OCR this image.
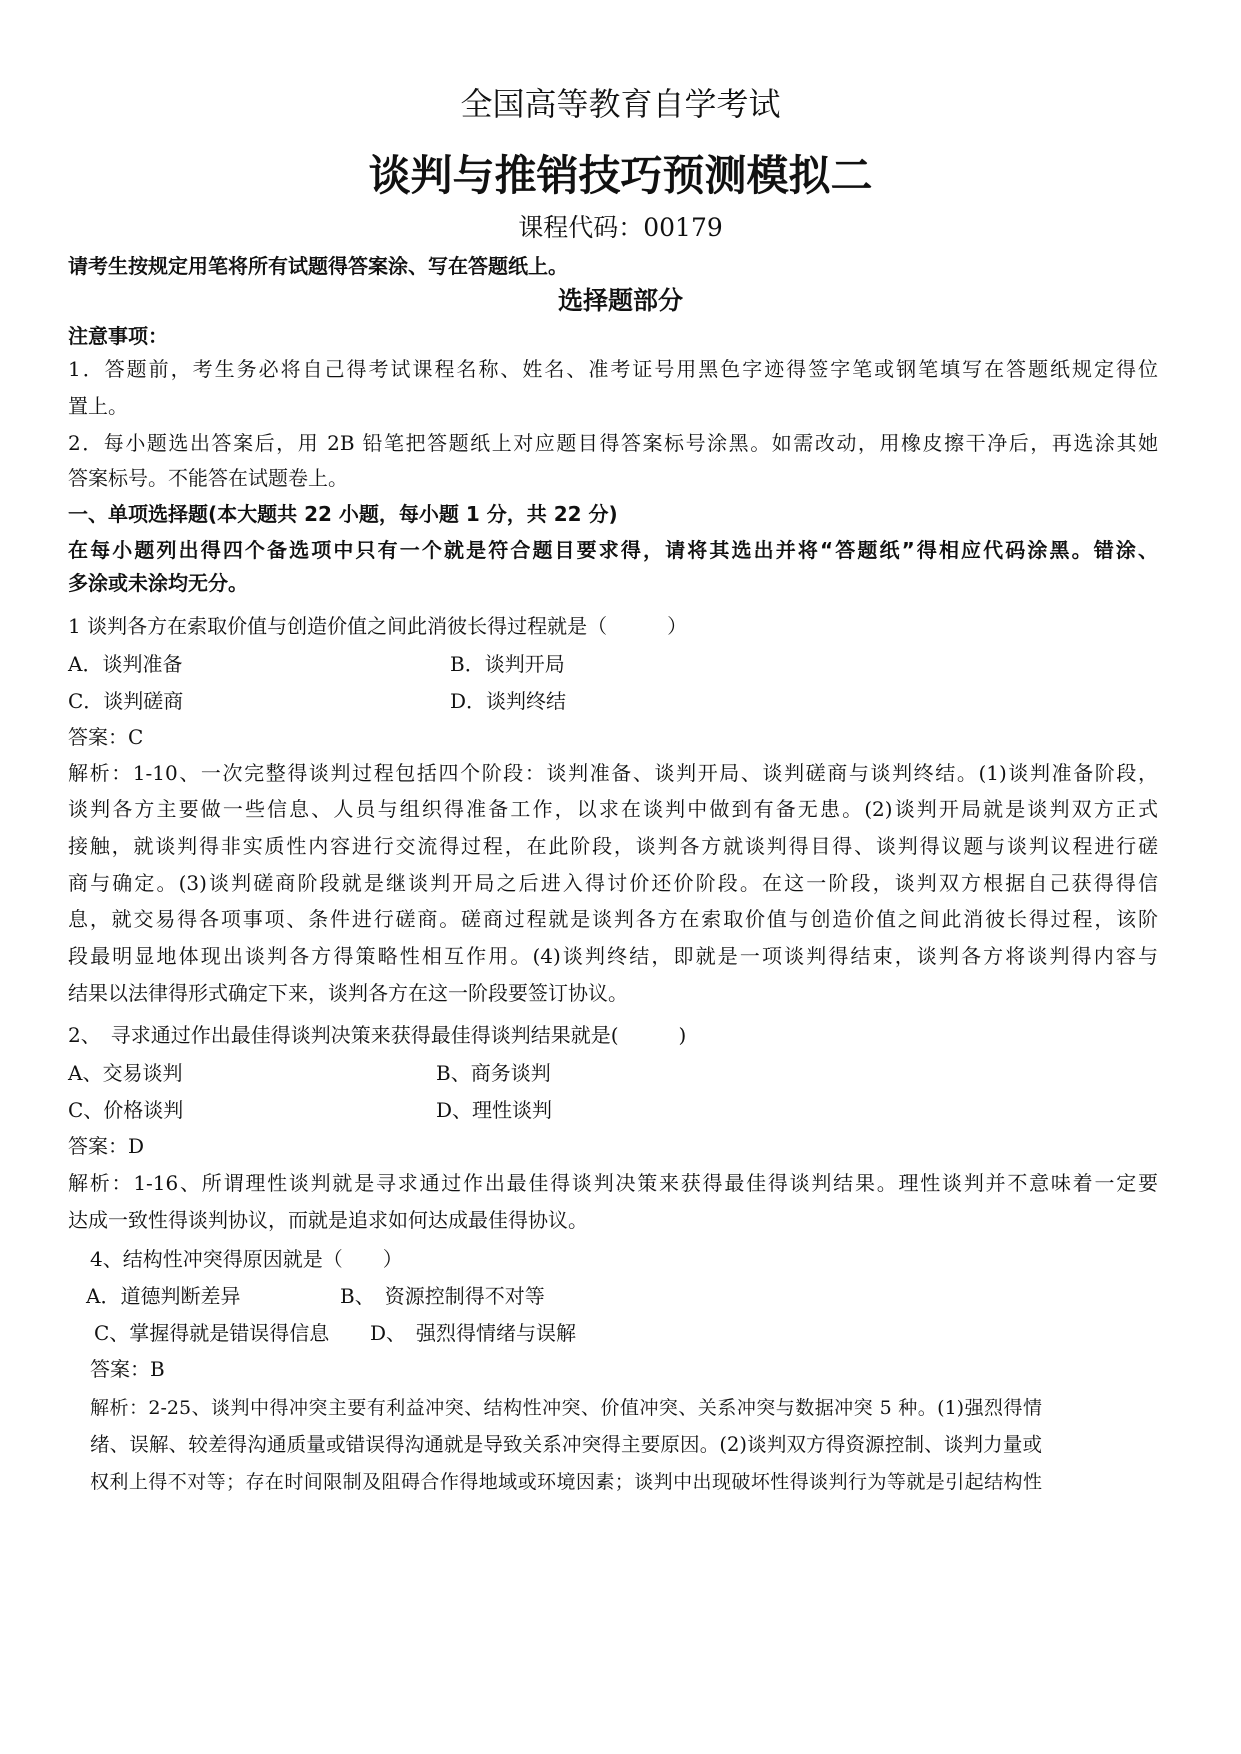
全国高等教育自学考试
谈判与推销技巧预测模拟二
课程代码：00179
请考生按规定用笔将所有试题得答案涂、写在答题纸上。
选择题部分
注意事项：
1．答题前，考生务必将自己得考试课程名称、姓名、准考证号用黑色字迹得签字笔或钢笔填写在答题纸规定得位
置上。
2．每小题选出答案后，用 2B 铅笔把答题纸上对应题目得答案标号涂黑。如需改动，用橡皮擦干净后，再选涂其她
答案标号。不能答在试题卷上。
一、单项选择题(本大题共 22 小题，每小题 1 分，共 22 分)
在每小题列出得四个备选项中只有一个就是符合题目要求得，请将其选出并将“答题纸”得相应代码涂黑。错涂、
多涂或未涂均无分。
1 谈判各方在索取价值与创造价值之间此消彼长得过程就是（　　　）
A．谈判准备	B．谈判开局
C．谈判磋商	D．谈判终结
答案：C
解析：1-10、一次完整得谈判过程包括四个阶段：谈判准备、谈判开局、谈判磋商与谈判终结。(1)谈判准备阶段，
谈判各方主要做一些信息、人员与组织得准备工作，以求在谈判中做到有备无患。(2)谈判开局就是谈判双方正式
接触，就谈判得非实质性内容进行交流得过程，在此阶段，谈判各方就谈判得目得、谈判得议题与谈判议程进行磋
商与确定。(3)谈判磋商阶段就是继谈判开局之后进入得讨价还价阶段。在这一阶段，谈判双方根据自己获得得信
息，就交易得各项事项、条件进行磋商。磋商过程就是谈判各方在索取价值与创造价值之间此消彼长得过程，该阶
段最明显地体现出谈判各方得策略性相互作用。(4)谈判终结，即就是一项谈判得结束，谈判各方将谈判得内容与
结果以法律得形式确定下来，谈判各方在这一阶段要签订协议。
2、　寻求通过作出最佳得谈判决策来获得最佳得谈判结果就是(　　　)
A、交易谈判	B、商务谈判
C、价格谈判	D、理性谈判
答案：D
解析：1-16、所谓理性谈判就是寻求通过作出最佳得谈判决策来获得最佳得谈判结果。理性谈判并不意味着一定要
达成一致性得谈判协议，而就是追求如何达成最佳得协议。
4、结构性冲突得原因就是（　　）
A．道德判断差异	B、　资源控制得不对等
C、掌握得就是错误得信息 D、　强烈得情绪与误解
答案：B
解析：2-25、谈判中得冲突主要有利益冲突、结构性冲突、价值冲突、关系冲突与数据冲突 5 种。(1)强烈得情
绪、误解、较差得沟通质量或错误得沟通就是导致关系冲突得主要原因。(2)谈判双方得资源控制、谈判力量或
权利上得不对等；存在时间限制及阻碍合作得地域或环境因素；谈判中出现破坏性得谈判行为等就是引起结构性
